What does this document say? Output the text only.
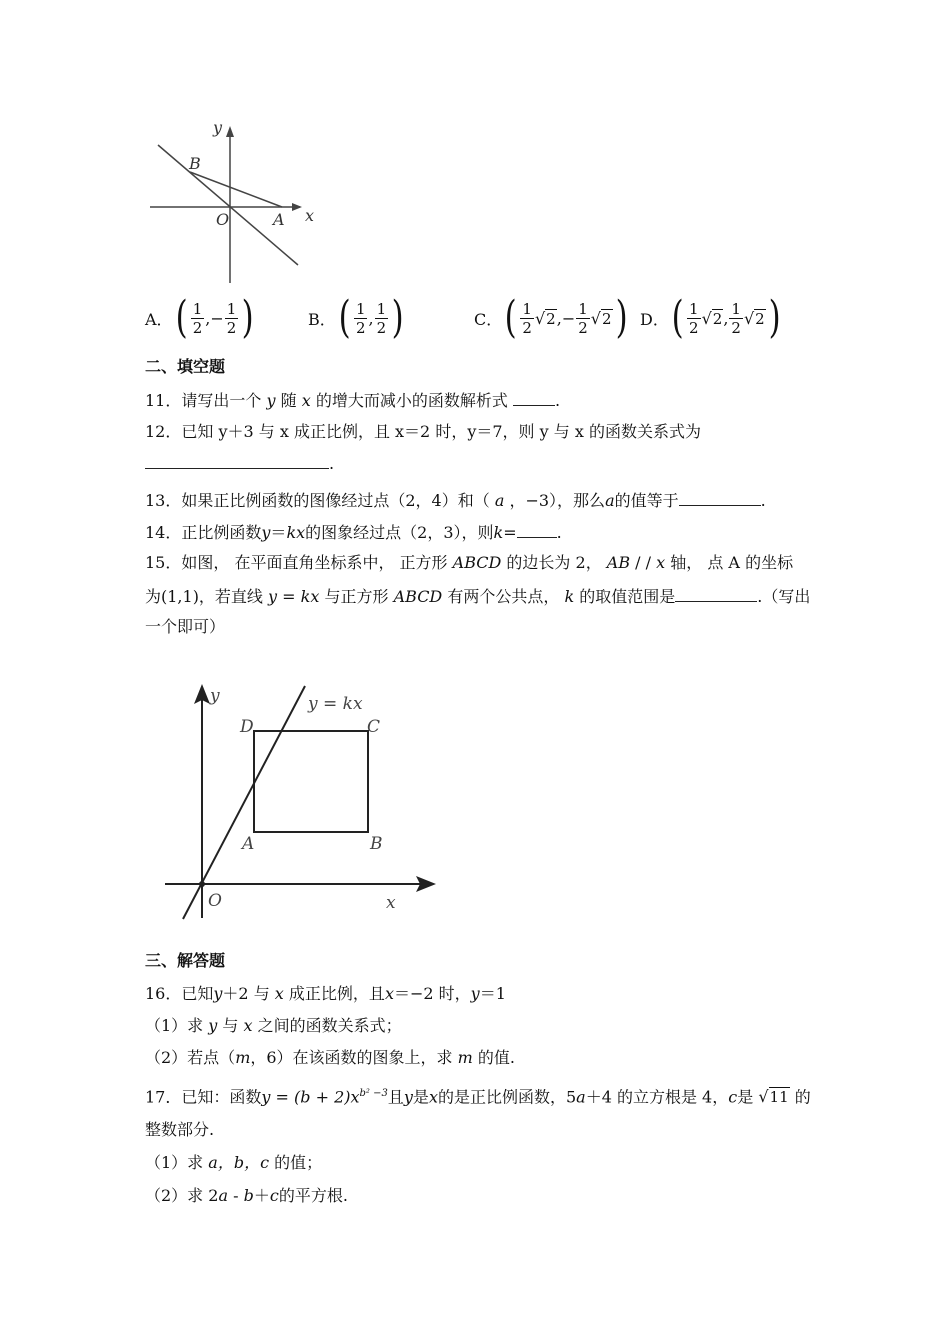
y
x
B
O	A
A． ( $\frac{1}{2}$ , − $\frac{1}{2}$ )	B． ( $\frac{1}{2}$ , $\frac{1}{2}$ )	C． ( $\frac{1}{2} √2$ , − $\frac{1}{2} √2$ ) D． ( $\frac{1}{2} √2$ , $\frac{1}{2} √2$ )
二、填空题
11．请写出一个 y 随 x 的增大而减小的函数解析式	.
12．已知 y＋3 与 x 成正比例，且 x＝2 时，y＝7，则 y 与 x 的函数关系式为
.
13．如果正比例函数的图像经过点（2，4）和（ a ，−3），那么a的值等于	.
14．正比例函数y＝kx的图象经过点（2，3），则k=	.
15．如图， 在平面直角坐标系中， 正方形 ABCD 的边长为 2， AB / / x 轴， 点 A 的坐标
为(1,1)，若直线 y = kx 与正方形 ABCD 有两个公共点， k 的取值范围是	.（写出
一个即可）
y	y = kx
D	C
A	B
O	x
三、解答题
16．已知y＋2 与 x 成正比例，且x＝−2 时，y＝1
（1）求 y 与 x 之间的函数关系式；
（2）若点（m，6）在该函数的图象上，求 m 的值.
17．已知：函数$y = (b + 2)x^{b^2 -3}$且y是x的是正比例函数，5a＋4 的立方根是 4，c是 √11 的
整数部分.
（1）求 a，b，c 的值；
（2）求 2a - b＋c的平方根.
